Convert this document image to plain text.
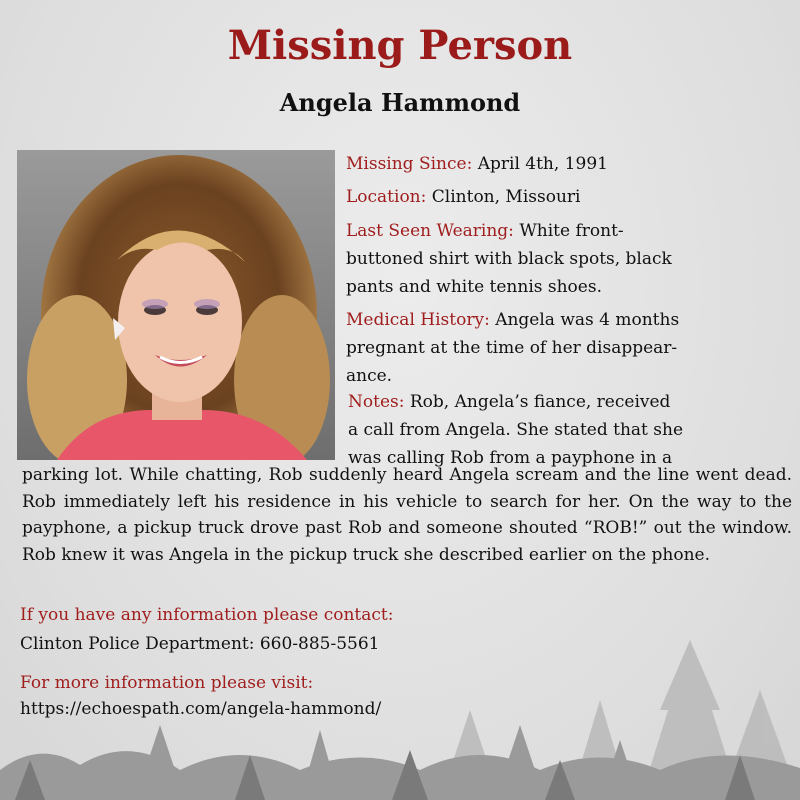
Missing Person
Angela Hammond

Missing Since: April 4th, 1991

Location: Clinton, Missouri

Last Seen Wearing: White front-
buttoned shirt with black spots, black
pants and white tennis shoes.
Medical History: Angela was 4 months
pregnant at the time of her disappear-
ance.
Notes: Rob, Angela’s fiance, received
a call from Angela. She stated that she
was calling Rob from a payphone in a

parking lot. While chatting, Rob suddenly heard Angela scream and the line went dead. Rob immediately left his residence in his vehicle to search for her. On the way to the payphone, a pickup truck drove past Rob and someone shouted “ROB!” out the window. Rob knew it was Angela in the pickup truck she described earlier on the phone.

If you have any information please contact:

Clinton Police Department: 660-885-5561

For more information please visit:

https://echoespath.com/angela-hammond/
